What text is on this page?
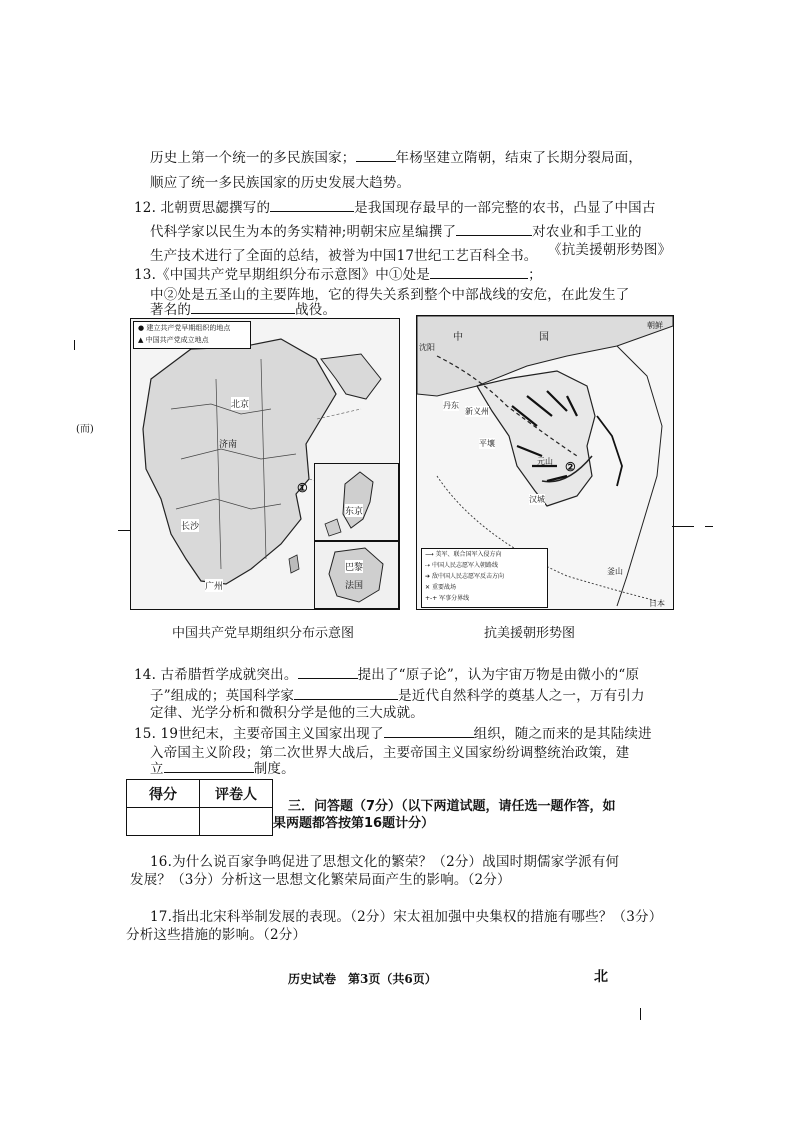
历史上第一个统一的多民族国家；	年杨坚建立隋朝，结束了长期分裂局面，
顺应了统一多民族国家的历史发展大趋势。
12. 北朝贾思勰撰写的	是我国现存最早的一部完整的农书，凸显了中国古
代科学家以民生为本的务实精神;明朝宋应星编撰了	对农业和手工业的
生产技术进行了全面的总结，被誉为中国17世纪工艺百科全书。 《抗美援朝形势图》
13.《中国共产党早期组织分布示意图》中①处是	；
中②处是五圣山的主要阵地，它的得失关系到整个中部战线的安危，在此发生了
著名的	战役。
● 建立共产党早期组织的地点
▲ 中国共产党成立地点
北京
济南
①
长沙
广州
东京
巴黎
法国
中	国
沈阳
丹东
新义州
平壤
元山 ②
汉城
釜山
朝鲜
日本
⟶ 美军、联合国军入侵方向
⇢ 中国人民志愿军入朝路线
➔ 敌中国人民志愿军反击方向
✕ 重要战场
+-+ 军事分界线
(而)
中国共产党早期组织分布示意图	抗美援朝形势图
14. 古希腊哲学成就突出。	提出了“原子论”，认为宇宙万物是由微小的“原
子”组成的；英国科学家	是近代自然科学的奠基人之一，万有引力
定律、光学分析和微积分学是他的三大成就。
15. 19世纪末，主要帝国主义国家出现了	组织，随之而来的是其陆续进
入帝国主义阶段；第二次世界大战后，主要帝国主义国家纷纷调整统治政策，建
立	制度。
得分	评卷人

三．问答题（7分）（以下两道试题，请任选一题作答，如
果两题都答按第16题计分）
16.为什么说百家争鸣促进了思想文化的繁荣？（2分）战国时期儒家学派有何
发展？（3分）分析这一思想文化繁荣局面产生的影响。（2分）
17.指出北宋科举制发展的表现。（2分）宋太祖加强中央集权的措施有哪些？（3分）
分析这些措施的影响。（2分）
历史试卷　第3页（共6页）	北
